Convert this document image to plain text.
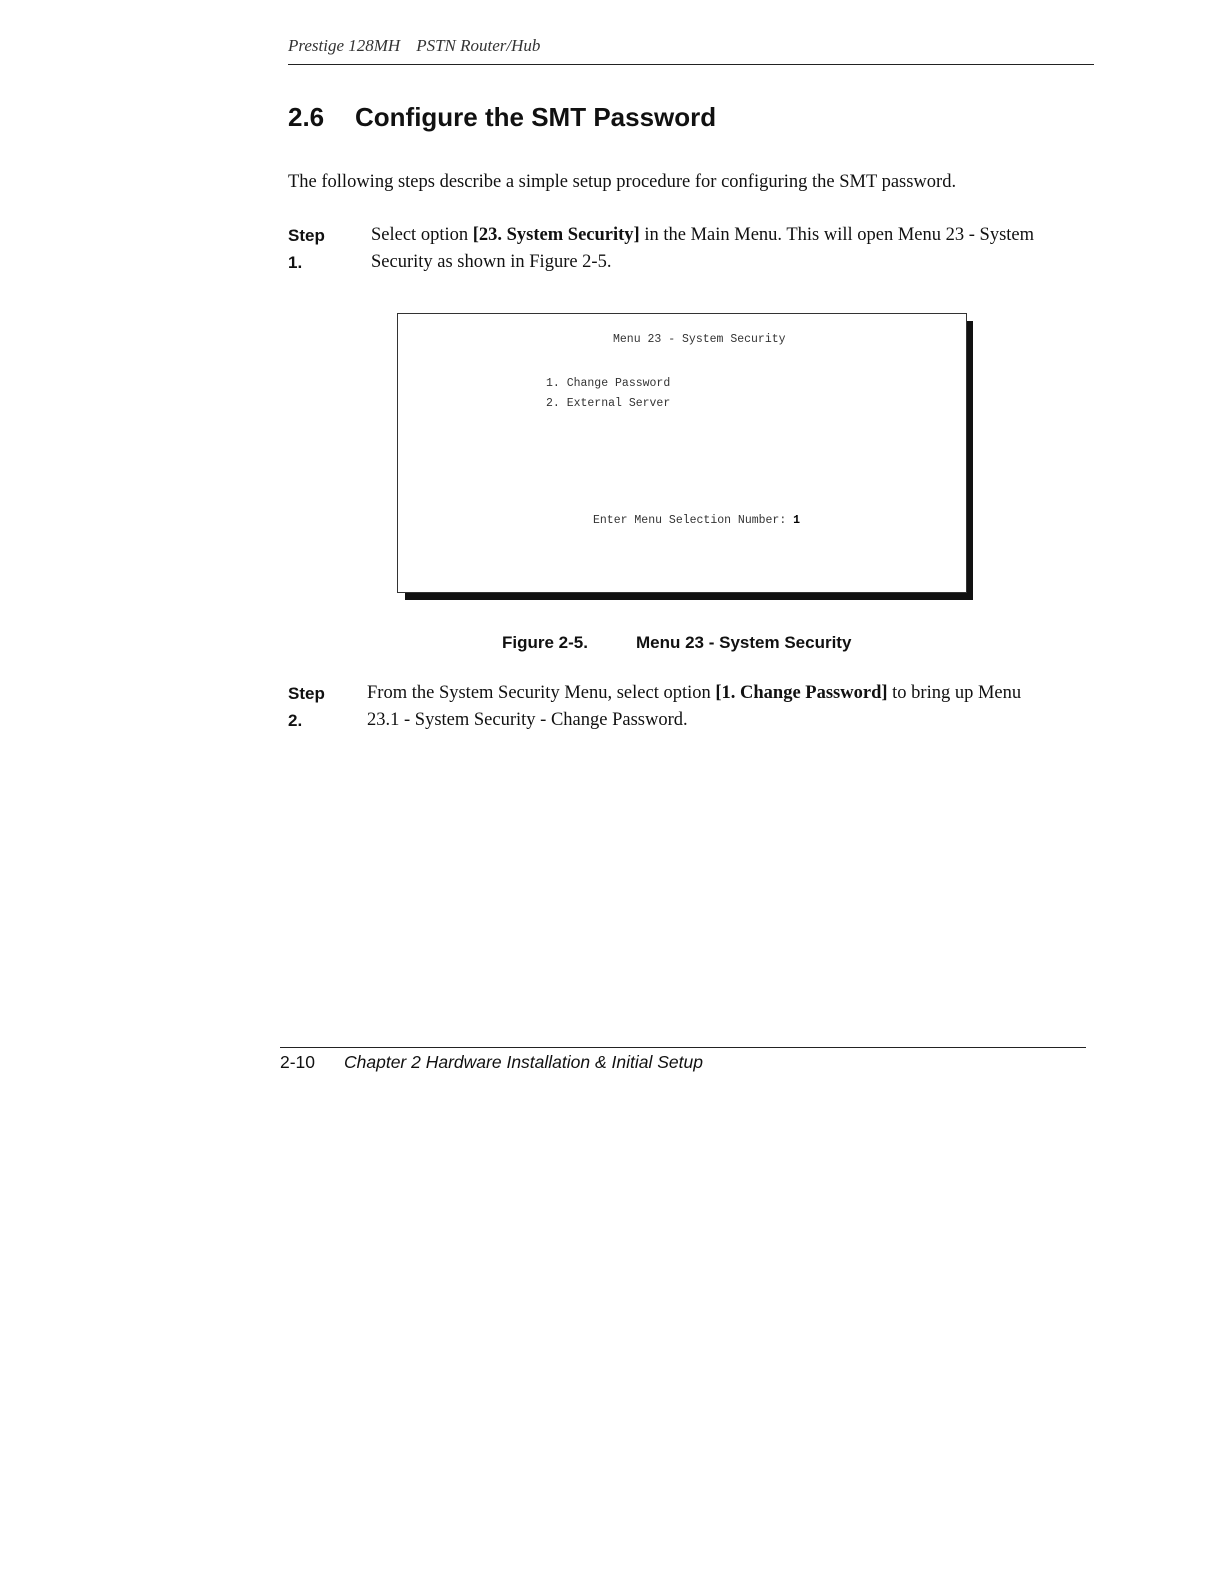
Prestige 128MH PSTN Router/Hub
2.6 Configure the SMT Password
The following steps describe a simple setup procedure for configuring the SMT password.
Step 1.
Select option [23. System Security] in the Main Menu. This will open Menu 23 - System Security as shown in Figure 2-5.
Menu 23 - System Security
1. Change Password
2. External Server
Enter Menu Selection Number: 1
Figure 2-5.	Menu 23 - System Security
Step 2.
From the System Security Menu, select option [1. Change Password] to bring up Menu 23.1 - System Security - Change Password.
2-10 Chapter 2 Hardware Installation & Initial Setup
